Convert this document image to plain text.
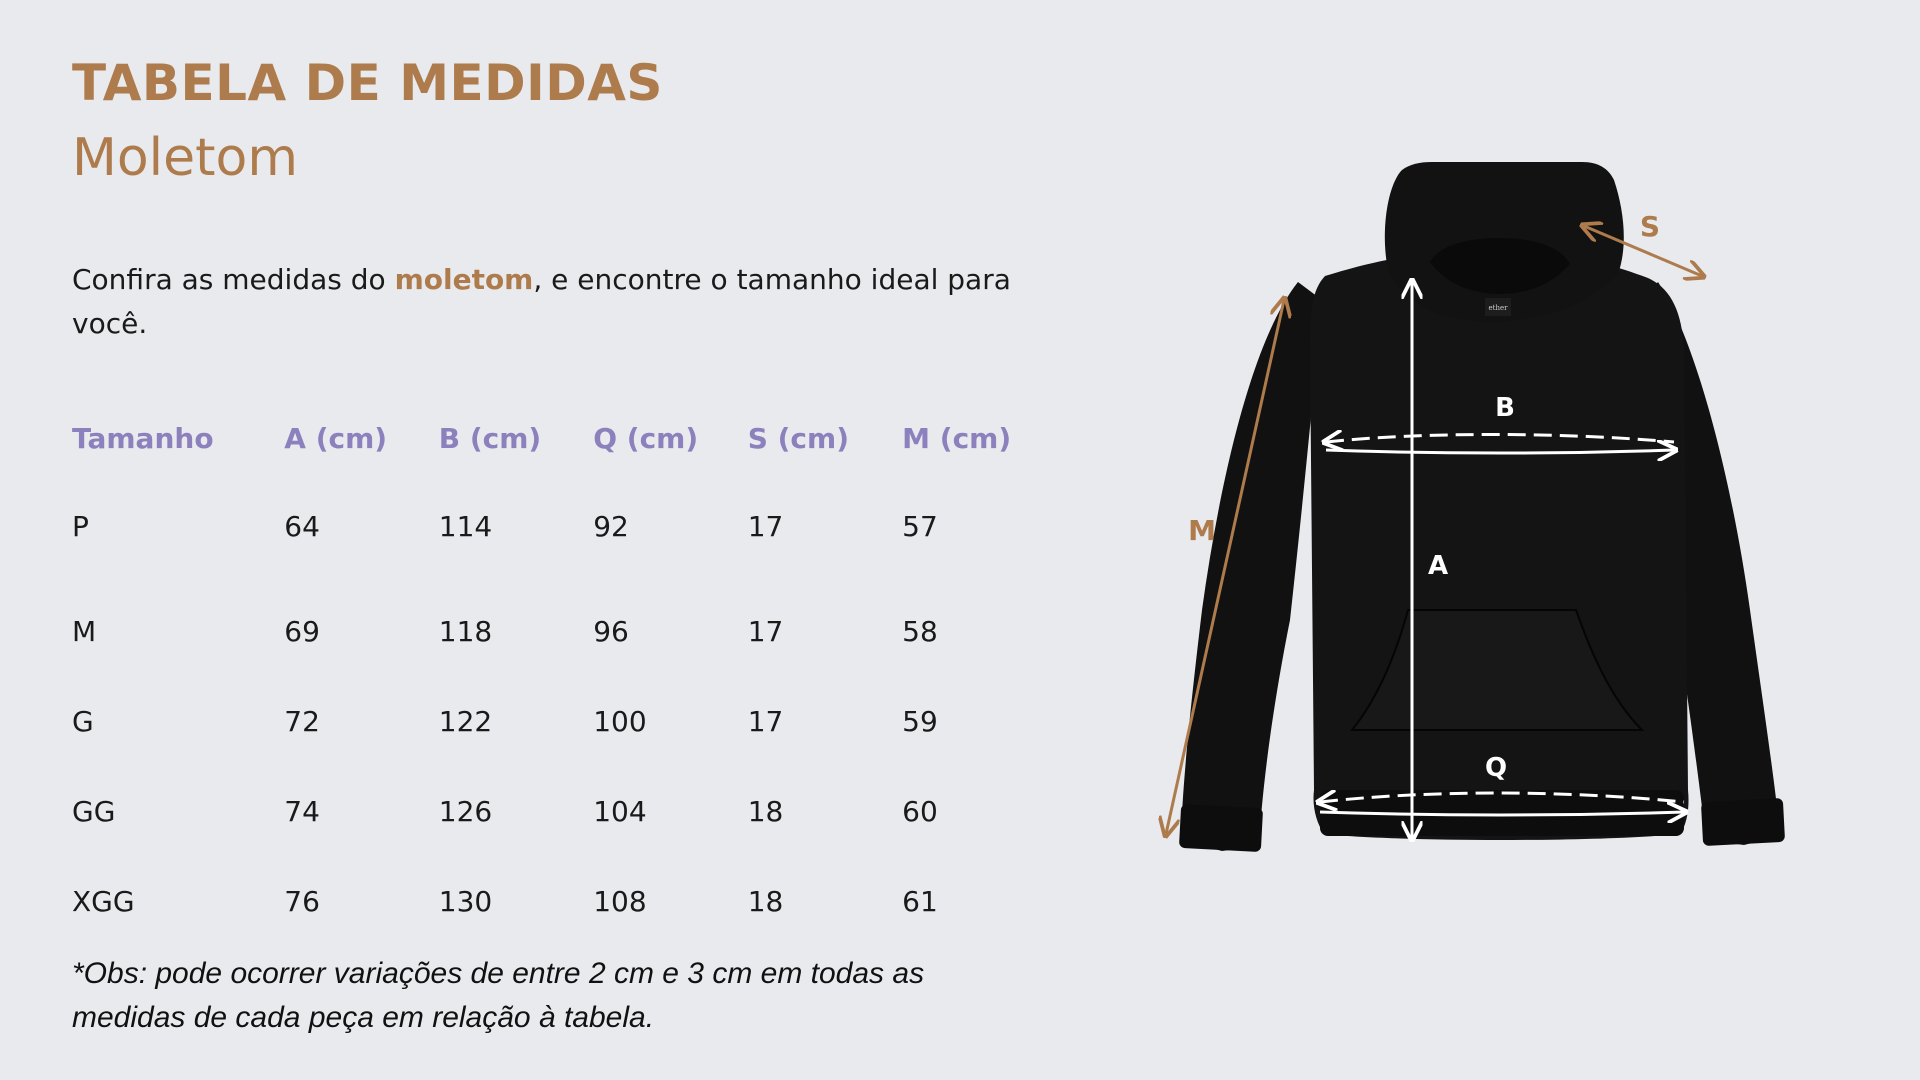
TABELA DE MEDIDAS
Moletom

Confira as medidas do moletom, e encontre o tamanho ideal para você.

Tamanho	A (cm)	B (cm)	Q (cm)	S (cm)	M (cm)
P	64	114	92	17	57
M	69	118	96	17	58
G	72	122	100	17	59
GG	74	126	104	18	60
XGG	76	130	108	18	61

*Obs: pode ocorrer variações de entre 2 cm e 3 cm em todas as medidas de cada peça em relação à tabela.

ether
A
B
Q
S
M
